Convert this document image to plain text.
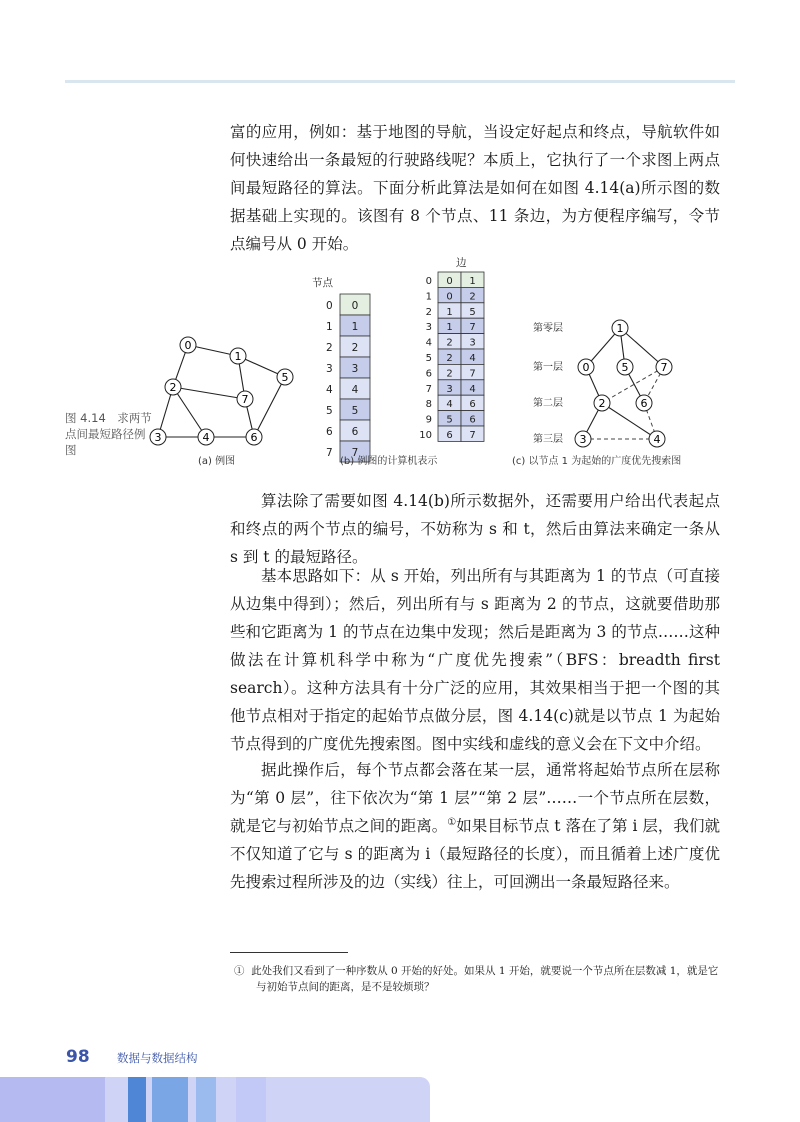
富的应用，例如：基于地图的导航，当设定好起点和终点，导航软件如何快速给出一条最短的行驶路线呢？本质上，它执行了一个求图上两点间最短路径的算法。下面分析此算法是如何在如图 4.14(a)所示图的数据基础上实现的。该图有 8 个节点、11 条边，为方便程序编写，令节点编号从 0 开始。

图 4.14　求两节点间最短路径例图
0
1
2
3	4
5
6
7
(a) 例图
0 0
1 1
2 2
3 3
4 4
5 5
6 6
7 7
0 0 1
1 0 2
2 1 5
3 1 7
4 2 3
5 2 4
6 2 7
7 3 4
8 4 6
9 5 6
10 6 7
节点
边
(b) 例图的计算机表示
第零层
第一层
第二层
第三层
1
0	5	7
2	6
3	4
(c) 以节点 1 为起始的广度优先搜索图

算法除了需要如图 4.14(b)所示数据外，还需要用户给出代表起点和终点的两个节点的编号，不妨称为 s 和 t，然后由算法来确定一条从 s 到 t 的最短路径。

基本思路如下：从 s 开始，列出所有与其距离为 1 的节点（可直接从边集中得到）；然后，列出所有与 s 距离为 2 的节点，这就要借助那些和它距离为 1 的节点在边集中发现；然后是距离为 3 的节点……这种做法在计算机科学中称为“广度优先搜索”（BFS：breadth first search）。这种方法具有十分广泛的应用，其效果相当于把一个图的其他节点相对于指定的起始节点做分层，图 4.14(c)就是以节点 1 为起始节点得到的广度优先搜索图。图中实线和虚线的意义会在下文中介绍。

据此操作后，每个节点都会落在某一层，通常将起始节点所在层称为“第 0 层”，往下依次为“第 1 层”“第 2 层”……一个节点所在层数，就是它与初始节点之间的距离。①如果目标节点 t 落在了第 i 层，我们就不仅知道了它与 s 的距离为 i（最短路径的长度），而且循着上述广度优先搜索过程所涉及的边（实线）往上，可回溯出一条最短路径来。

① 此处我们又看到了一种序数从 0 开始的好处。如果从 1 开始，就要说一个节点所在层数减 1，就是它与初始节点间的距离，是不是较烦琐？

98 数据与数据结构
